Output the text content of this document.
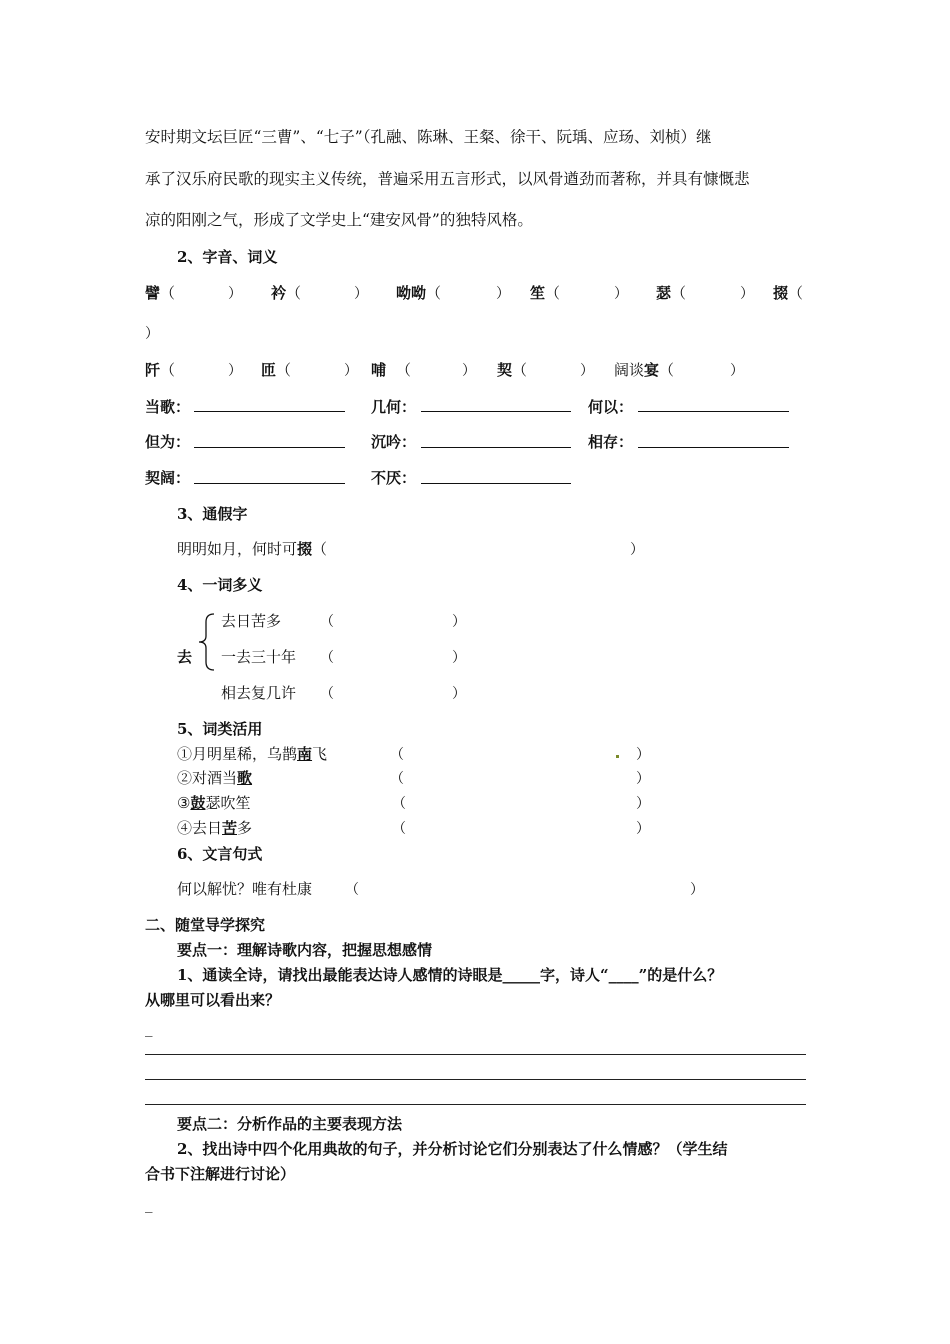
安时期文坛巨匠“三曹”、“七子”（孔融、陈琳、王粲、徐干、阮瑀、应玚、刘桢）继
承了汉乐府民歌的现实主义传统，普遍采用五言形式，以风骨遒劲而著称，并具有慷慨悲
凉的阳刚之气，形成了文学史上“建安风骨”的独特风格。
2、字音、词义
譬（	） 衿（	） 呦呦（	） 笙（	） 瑟（	） 掇（
）
阡（	） 匝（	） 哺 （	） 契（	） 阔谈宴（	）
当歌：	几何：	何以：
但为：	沉吟：	相存：
契阔：	不厌：
3、通假字
明明如月，何时可掇（	）
4、一词多义
去
去日苦多	（	）
一去三十年 （	）
相去复几许 （	）
5、词类活用
①月明星稀，乌鹊南飞	（	）
②对酒当歌	（	）
③鼓瑟吹笙	（	）
④去日苦多	（	）
6、文言句式
何以解忧？唯有杜康 （	）
二、随堂导学探究
要点一：理解诗歌内容，把握思想感情
1、通读全诗，请找出最能表达诗人感情的诗眼是_____字，诗人“____”的是什么？
从哪里可以看出来？
_
要点二：分析作品的主要表现方法
2、找出诗中四个化用典故的句子，并分析讨论它们分别表达了什么情感？（学生结
合书下注解进行讨论）
_
